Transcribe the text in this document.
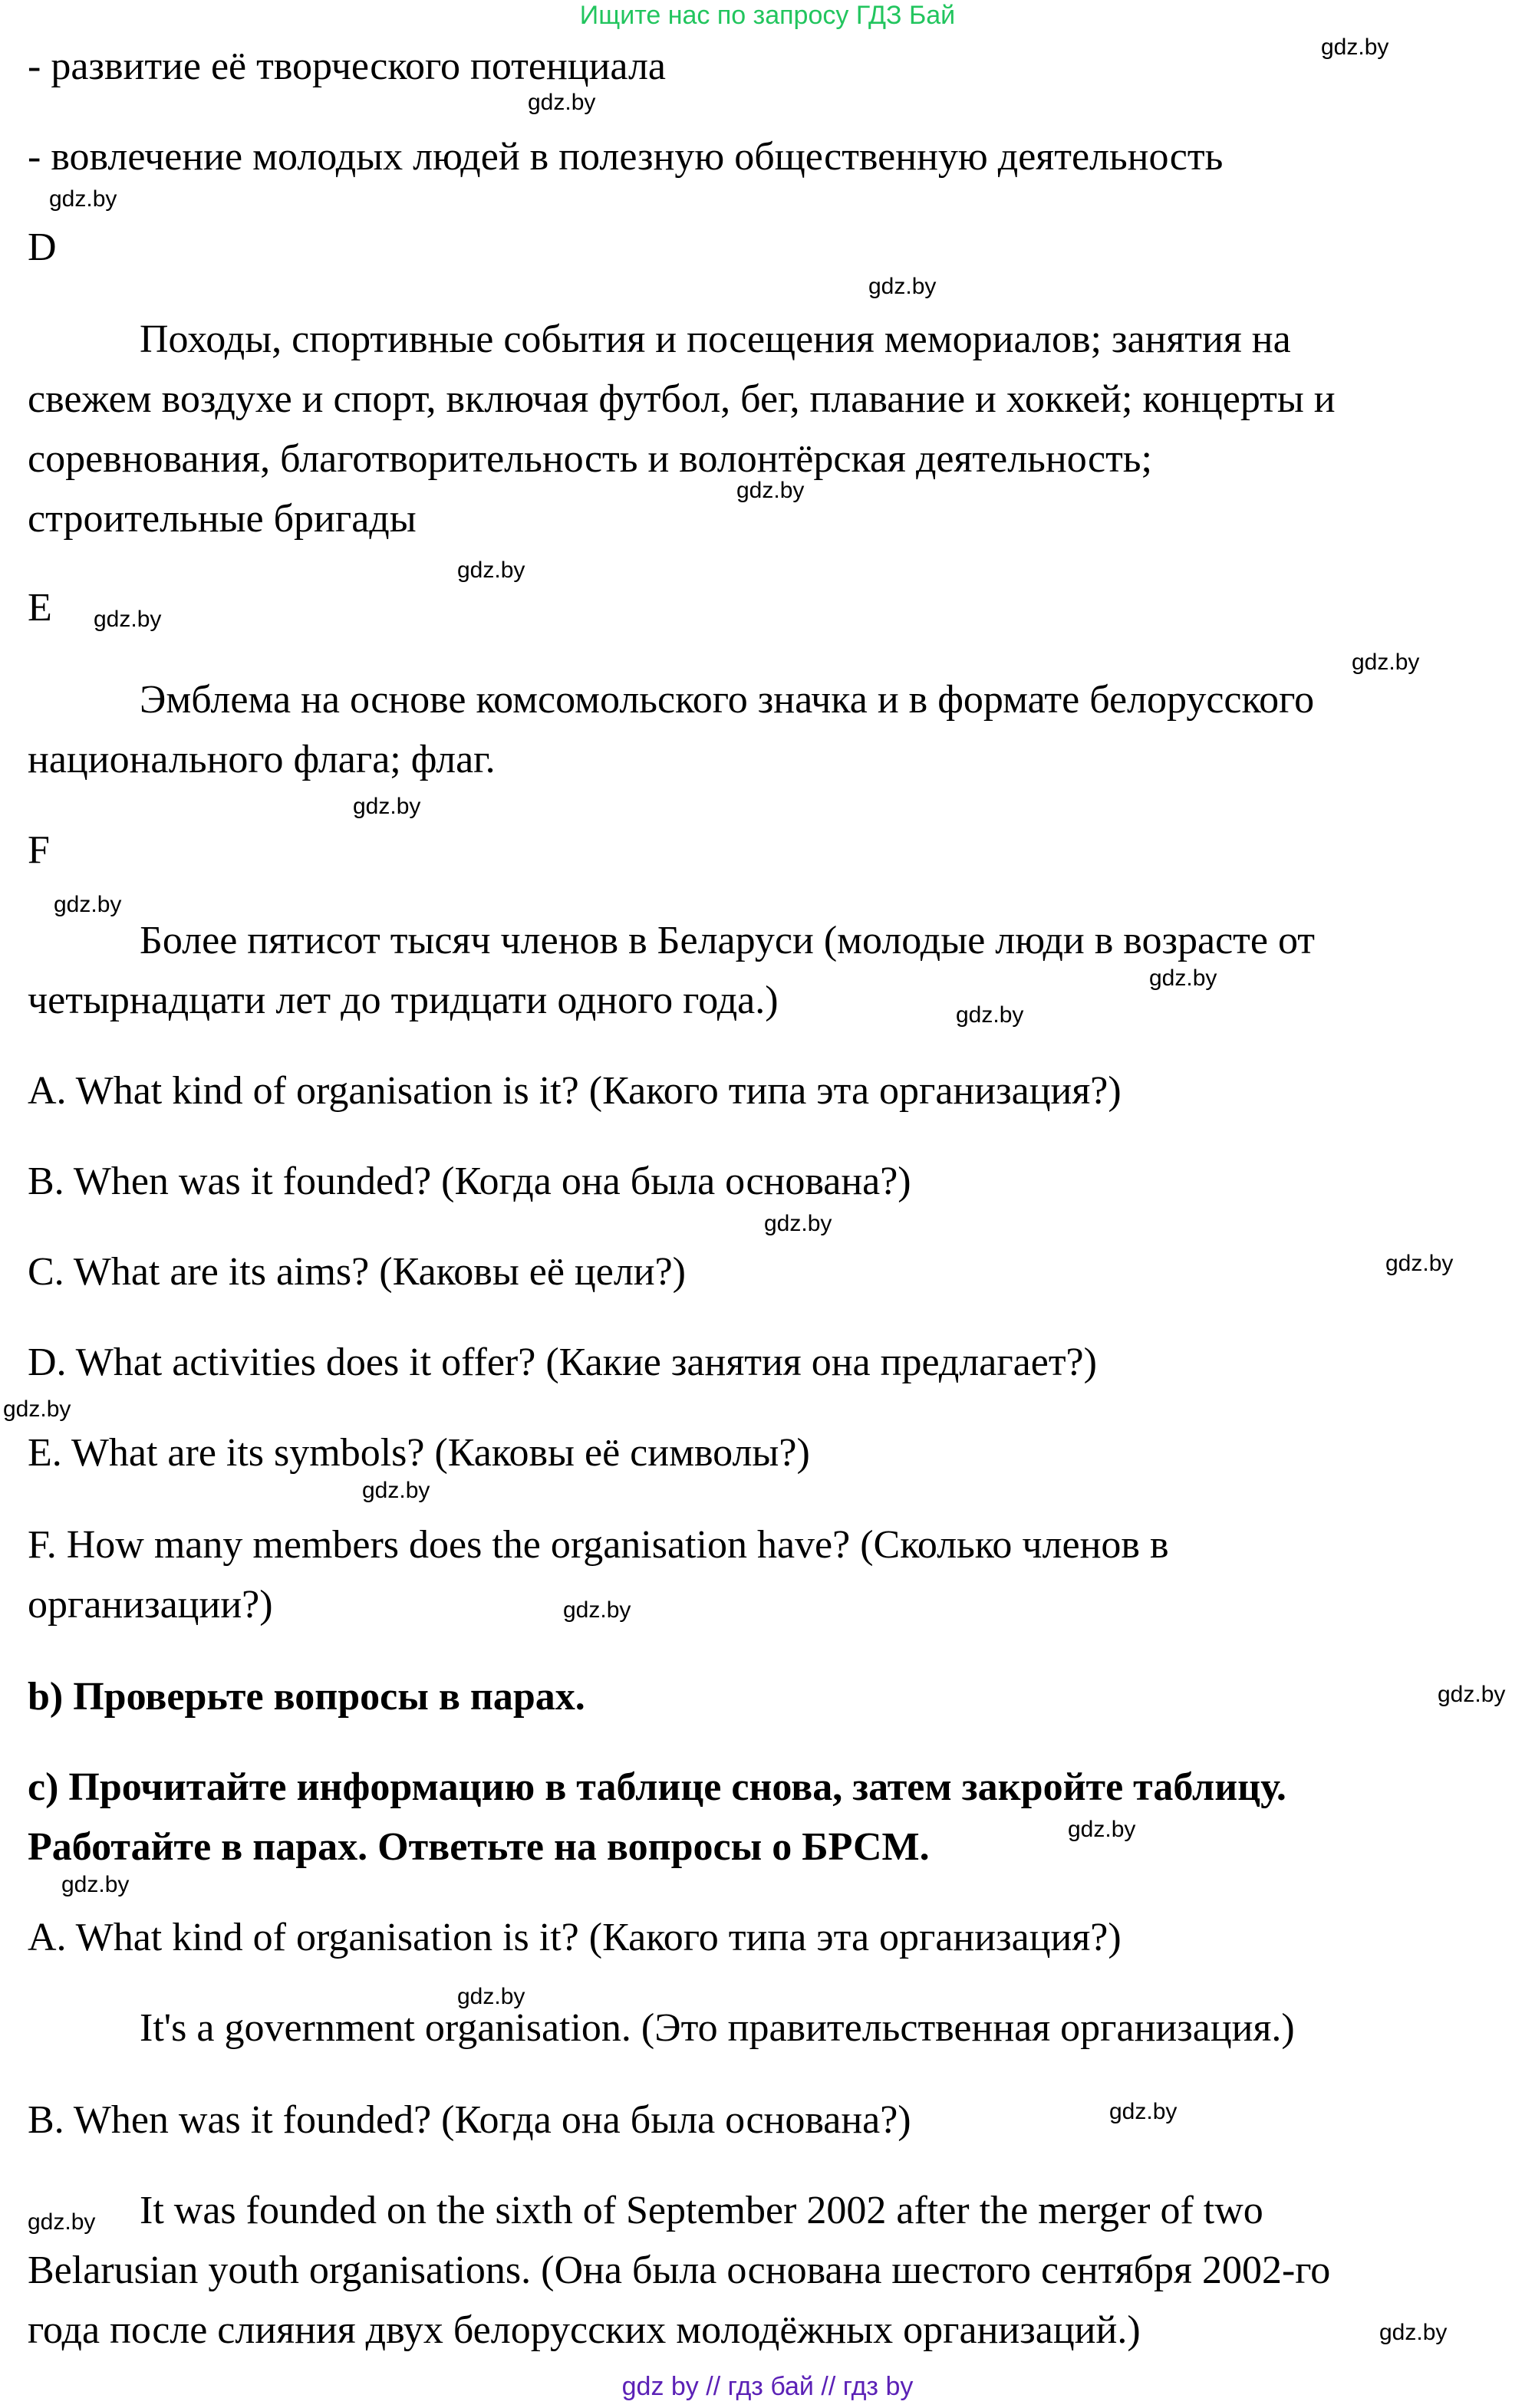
Ищите нас по запросу ГДЗ Бай
- развитие её творческого потенциала
- вовлечение молодых людей в полезную общественную деятельность
D
Походы, спортивные события и посещения мемориалов; занятия на
свежем воздухе и спорт, включая футбол, бег, плавание и хоккей; концерты и
соревнования, благотворительность и волонтёрская деятельность;
строительные бригады
E
Эмблема на основе комсомольского значка и в формате белорусского
национального флага; флаг.
F
Более пятисот тысяч членов в Беларуси (молодые люди в возрасте от
четырнадцати лет до тридцати одного года.)
A. What kind of organisation is it? (Какого типа эта организация?)
B. When was it founded? (Когда она была основана?)
C. What are its aims? (Каковы её цели?)
D. What activities does it offer? (Какие занятия она предлагает?)
E. What are its symbols? (Каковы её символы?)
F. How many members does the organisation have? (Сколько членов в
организации?)
b) Проверьте вопросы в парах.
c) Прочитайте информацию в таблице снова, затем закройте таблицу.
Работайте в парах. Ответьте на вопросы о БРСМ.
A. What kind of organisation is it? (Какого типа эта организация?)
It's a government organisation. (Это правительственная организация.)
B. When was it founded? (Когда она была основана?)
It was founded on the sixth of September 2002 after the merger of two
Belarusian youth organisations. (Она была основана шестого сентября 2002-го
года после слияния двух белорусских молодёжных организаций.)
gdz.by
gdz.by
gdz.by
gdz.by
gdz.by
gdz.by
gdz.by
gdz.by
gdz.by
gdz.by
gdz.by
gdz.by
gdz.by
gdz.by
gdz.by
gdz.by
gdz.by
gdz.by
gdz.by
gdz.by
gdz.by
gdz.by
gdz.by
gdz.by
gdz by // гдз бай // гдз by
